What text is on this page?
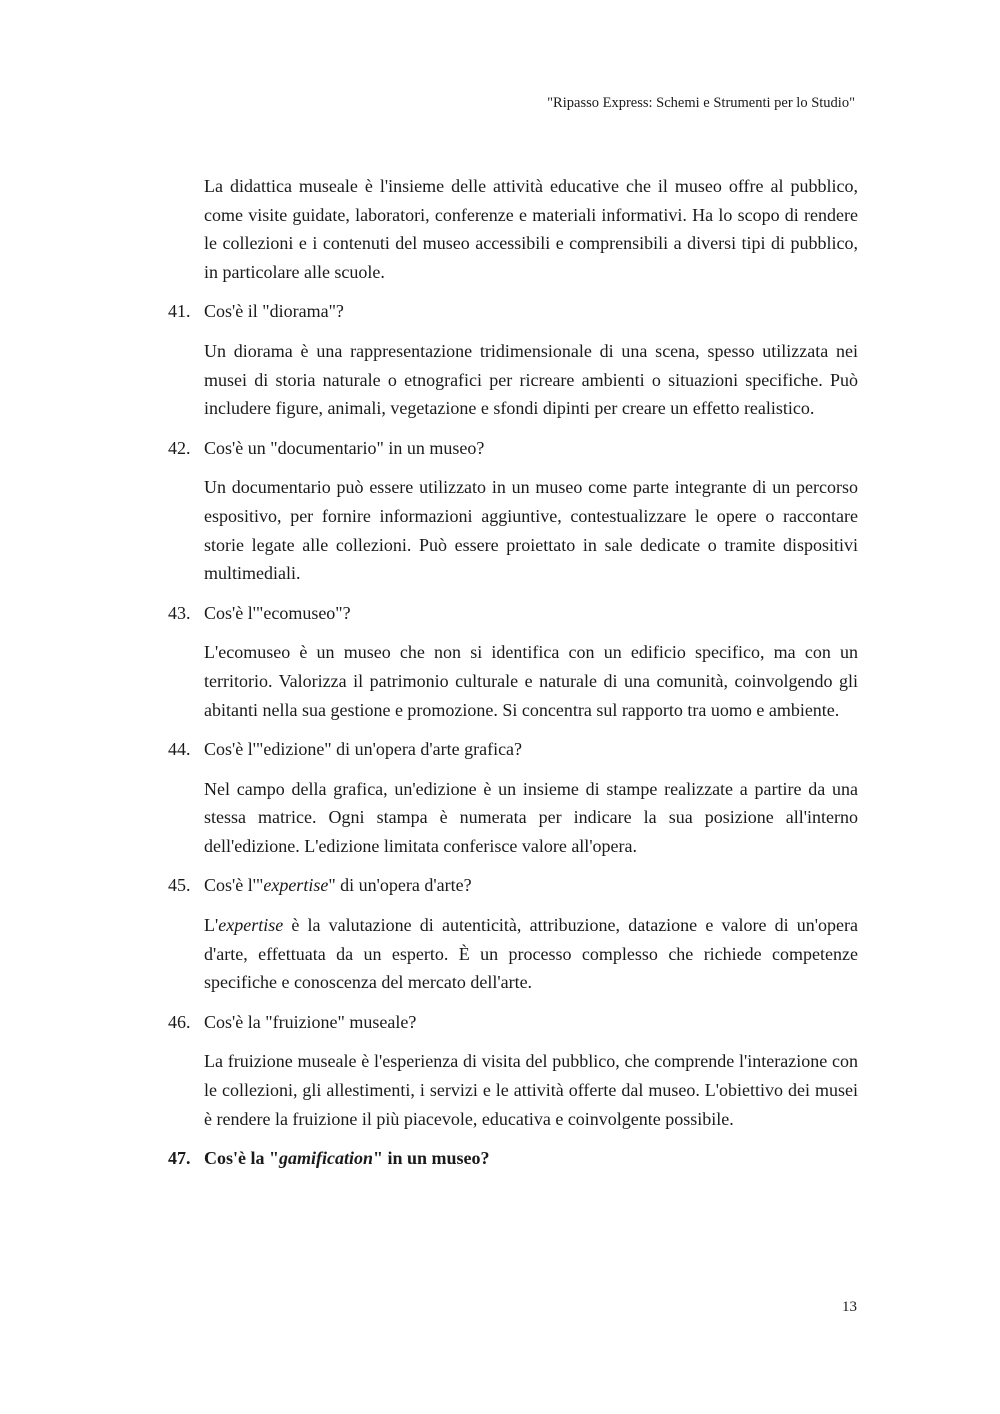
"Ripasso Express: Schemi e Strumenti per lo Studio"

La didattica museale è l'insieme delle attività educative che il museo offre al pubblico, come visite guidate, laboratori, conferenze e materiali informativi. Ha lo scopo di rendere le collezioni e i contenuti del museo accessibili e comprensibili a diversi tipi di pubblico, in particolare alle scuole.

41. Cos'è il "diorama"?

Un diorama è una rappresentazione tridimensionale di una scena, spesso utilizzata nei musei di storia naturale o etnografici per ricreare ambienti o situazioni specifiche. Può includere figure, animali, vegetazione e sfondi dipinti per creare un effetto realistico.

42. Cos'è un "documentario" in un museo?

Un documentario può essere utilizzato in un museo come parte integrante di un percorso espositivo, per fornire informazioni aggiuntive, contestualizzare le opere o raccontare storie legate alle collezioni. Può essere proiettato in sale dedicate o tramite dispositivi multimediali.

43. Cos'è l'"ecomuseo"?

L'ecomuseo è un museo che non si identifica con un edificio specifico, ma con un territorio. Valorizza il patrimonio culturale e naturale di una comunità, coinvolgendo gli abitanti nella sua gestione e promozione. Si concentra sul rapporto tra uomo e ambiente.

44. Cos'è l'"edizione" di un'opera d'arte grafica?

Nel campo della grafica, un'edizione è un insieme di stampe realizzate a partire da una stessa matrice. Ogni stampa è numerata per indicare la sua posizione all'interno dell'edizione. L'edizione limitata conferisce valore all'opera.

45. Cos'è l'"expertise" di un'opera d'arte?

L'expertise è la valutazione di autenticità, attribuzione, datazione e valore di un'opera d'arte, effettuata da un esperto. È un processo complesso che richiede competenze specifiche e conoscenza del mercato dell'arte.

46. Cos'è la "fruizione" museale?

La fruizione museale è l'esperienza di visita del pubblico, che comprende l'interazione con le collezioni, gli allestimenti, i servizi e le attività offerte dal museo. L'obiettivo dei musei è rendere la fruizione il più piacevole, educativa e coinvolgente possibile.

47. Cos'è la "gamification" in un museo?
13
